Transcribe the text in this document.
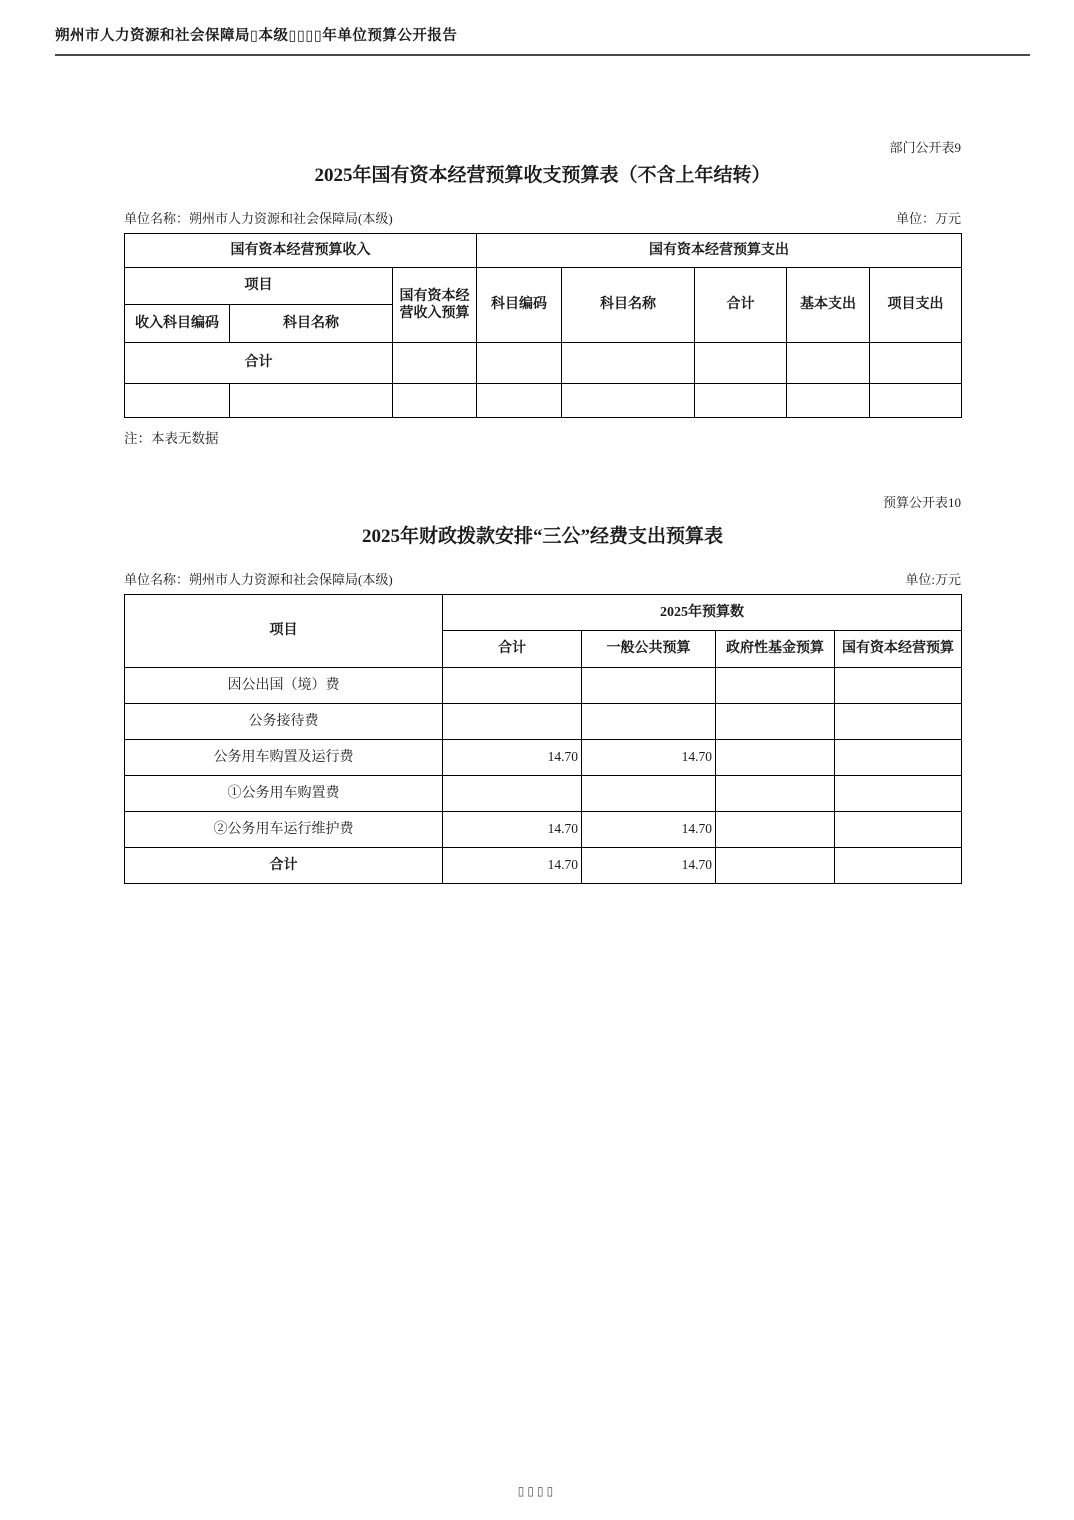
朔州市人力资源和社会保障局▯本级▯▯▯▯年单位预算公开报告
部门公开表9
2025年国有资本经营预算收支预算表（不含上年结转）
单位名称：朔州市人力资源和社会保障局(本级)	单位：万元
国有资本经营预算收入			国有资本经营预算支出				
项目		国有资本经营收入预算	科目编码	科目名称	合计	基本支出	项目支出
收入科目编码	科目名称						
合计							

注：本表无数据
预算公开表10
2025年财政拨款安排“三公”经费支出预算表
单位名称：朔州市人力资源和社会保障局(本级)	单位:万元
项目	2025年预算数			
	合计	一般公共预算	政府性基金预算	国有资本经营预算
因公出国（境）费				
公务接待费				
公务用车购置及运行费	14.70	14.70		
①公务用车购置费				
②公务用车运行维护费	14.70	14.70		
合计	14.70	14.70		
▯▯▯▯
